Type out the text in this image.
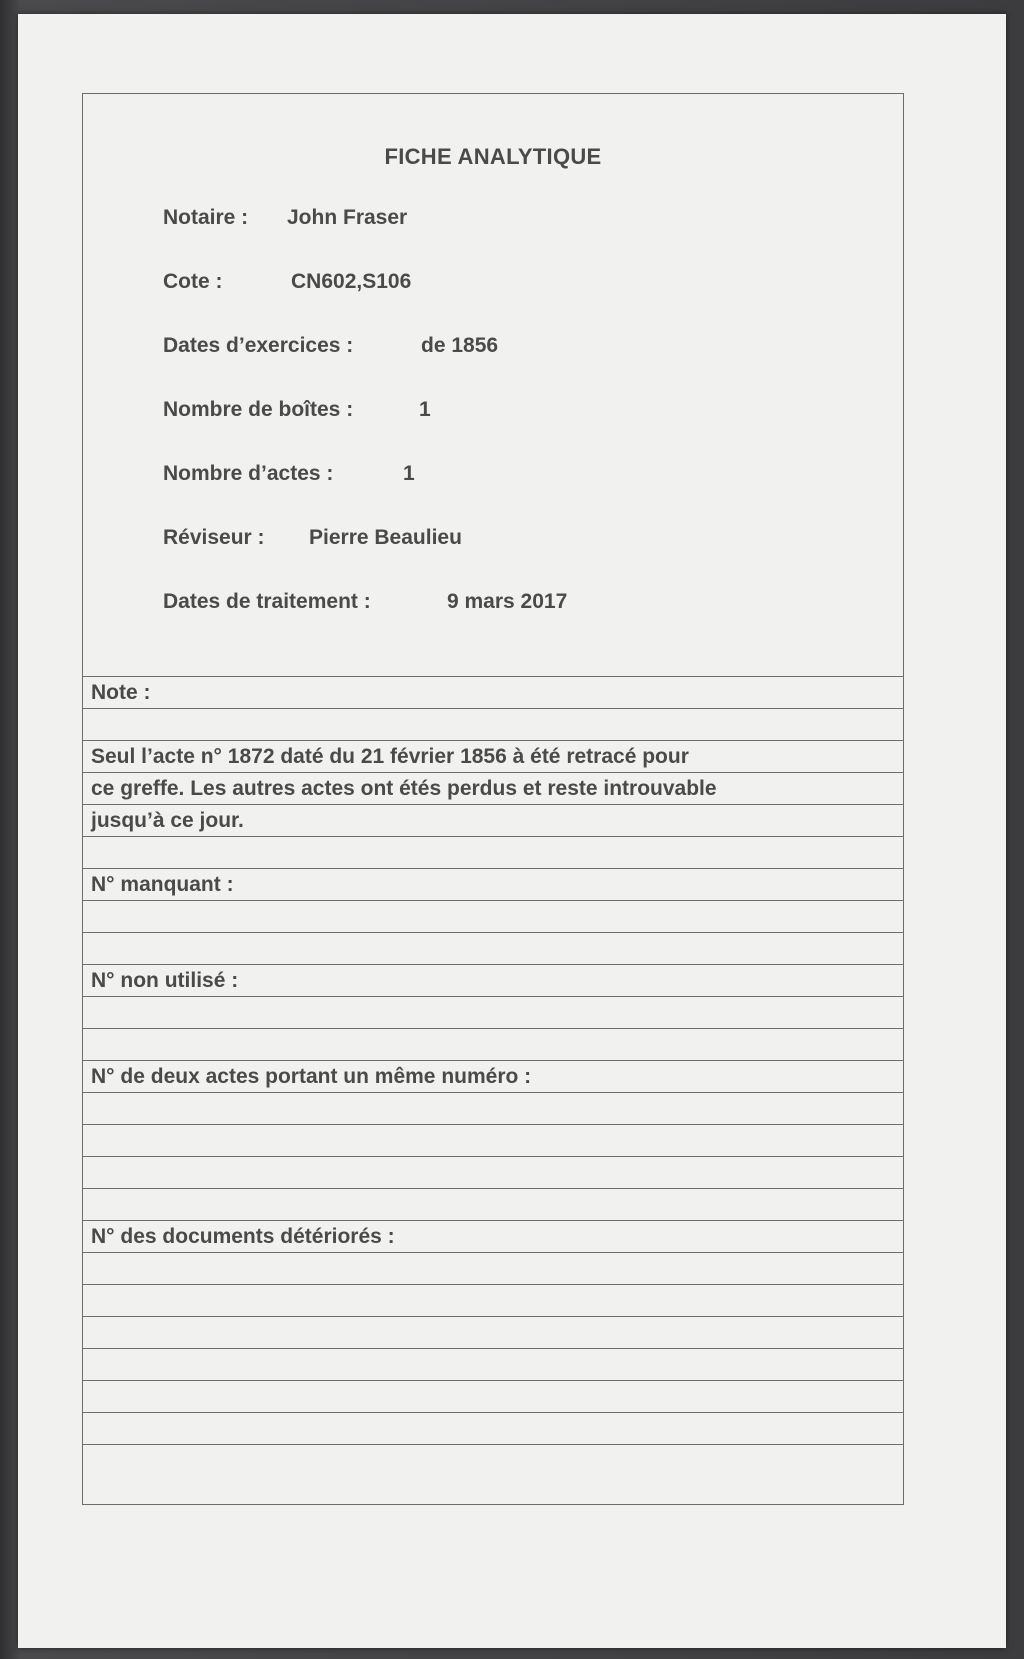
FICHE ANALYTIQUE
Notaire : John Fraser
Cote :	CN602,S106
Dates d’exercices :	de 1856
Nombre de boîtes :	1
Nombre d’actes :	1
Réviseur : Pierre Beaulieu
Dates de traitement :	9 mars 2017
Note :
Seul l’acte n° 1872 daté du 21 février 1856 à été retracé pour
ce greffe. Les autres actes ont étés perdus et reste introuvable
jusqu’à ce jour.
N° manquant :
N° non utilisé :
N° de deux actes portant un même numéro :
N° des documents détériorés :
